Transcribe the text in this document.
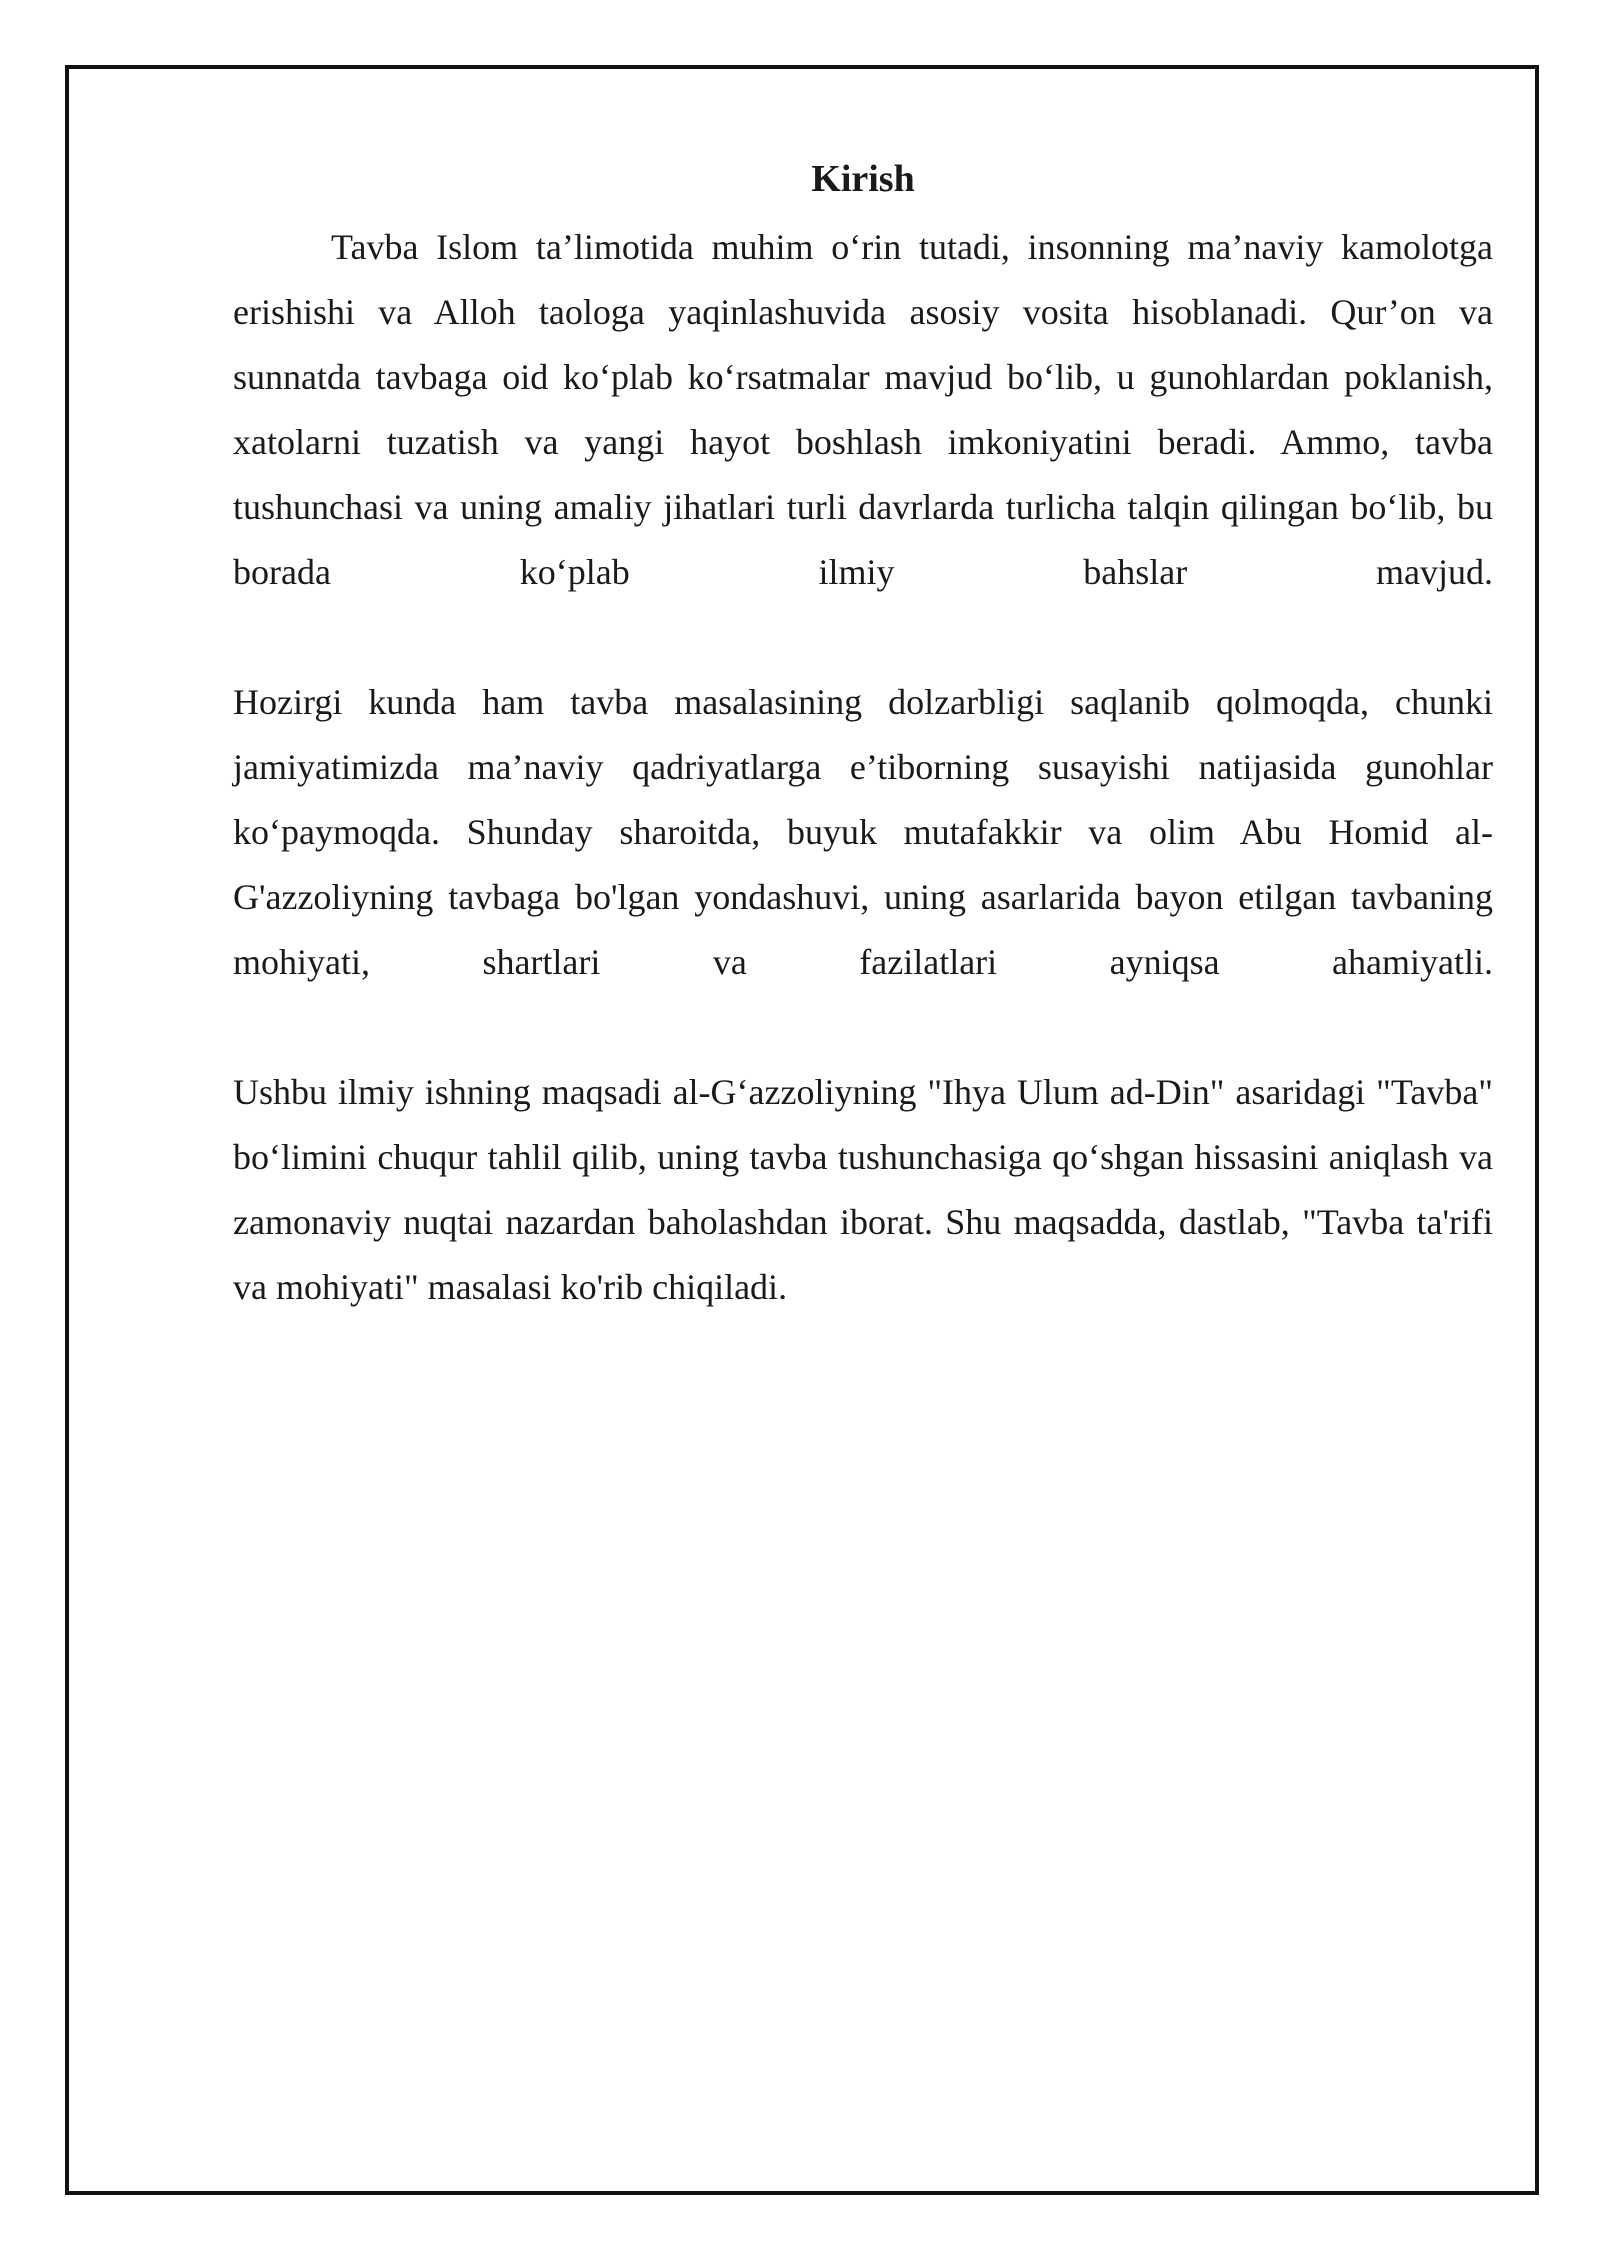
Kirish

Tavba Islom ta’limotida muhim o‘rin tutadi, insonning ma’naviy kamolotga erishishi va Alloh taologa yaqinlashuvida asosiy vosita hisoblanadi. Qur’on va sunnatda tavbaga oid ko‘plab ko‘rsatmalar mavjud bo‘lib, u gunohlardan poklanish, xatolarni tuzatish va yangi hayot boshlash imkoniyatini beradi. Ammo, tavba tushunchasi va uning amaliy jihatlari turli davrlarda turlicha talqin qilingan bo‘lib, bu borada ko‘plab ilmiy bahslar mavjud.

Hozirgi kunda ham tavba masalasining dolzarbligi saqlanib qolmoqda, chunki jamiyatimizda ma’naviy qadriyatlarga e’tiborning susayishi natijasida gunohlar ko‘paymoqda. Shunday sharoitda, buyuk mutafakkir va olim Abu Homid al-G'azzoliyning tavbaga bo'lgan yondashuvi, uning asarlarida bayon etilgan tavbaning mohiyati, shartlari va fazilatlari ayniqsa ahamiyatli.

Ushbu ilmiy ishning maqsadi al-G‘azzoliyning "Ihya Ulum ad-Din" asaridagi "Tavba" bo‘limini chuqur tahlil qilib, uning tavba tushunchasiga qo‘shgan hissasini aniqlash va zamonaviy nuqtai nazardan baholashdan iborat. Shu maqsadda, dastlab, "Tavba ta'rifi va mohiyati" masalasi ko'rib chiqiladi.
